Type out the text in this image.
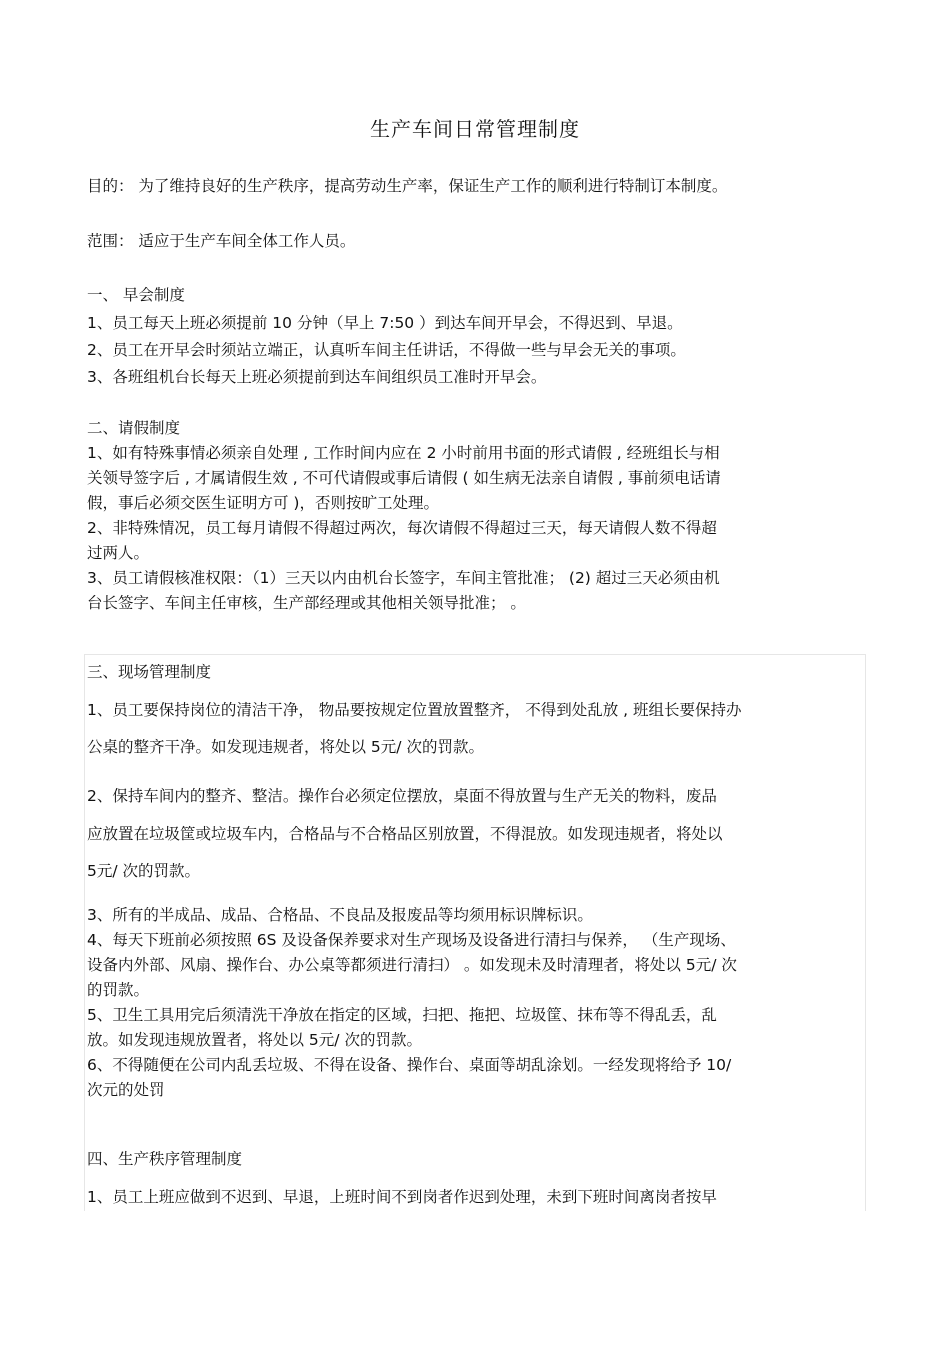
生产车间日常管理制度
目的： 为了维持良好的生产秩序，提高劳动生产率，保证生产工作的顺利进行特制订本制度。
范围： 适应于生产车间全体工作人员。
一、 早会制度
1、员工每天上班必须提前 10 分钟（早上 7:50 ）到达车间开早会，不得迟到、早退。
2、员工在开早会时须站立端正，认真听车间主任讲话，不得做一些与早会无关的事项。
3、各班组机台长每天上班必须提前到达车间组织员工准时开早会。
二、请假制度
1、如有特殊事情必须亲自处理 , 工作时间内应在 2 小时前用书面的形式请假 , 经班组长与相
关领导签字后 , 才属请假生效 , 不可代请假或事后请假 ( 如生病无法亲自请假 , 事前须电话请
假，事后必须交医生证明方可 )，否则按旷工处理。
2、非特殊情况，员工每月请假不得超过两次，每次请假不得超过三天，每天请假人数不得超
过两人。
3、员工请假核准权限：（1）三天以内由机台长签字，车间主管批准； (2) 超过三天必须由机
台长签字、车间主任审核，生产部经理或其他相关领导批准； 。
三、现场管理制度
1、员工要保持岗位的清洁干净， 物品要按规定位置放置整齐， 不得到处乱放 , 班组长要保持办
公桌的整齐干净。如发现违规者，将处以 5元/ 次的罚款。
2、保持车间内的整齐、整洁。操作台必须定位摆放，桌面不得放置与生产无关的物料，废品
应放置在垃圾筐或垃圾车内，合格品与不合格品区别放置，不得混放。如发现违规者，将处以
5元/ 次的罚款。
3、所有的半成品、成品、合格品、不良品及报废品等均须用标识牌标识。
4、每天下班前必须按照 6S 及设备保养要求对生产现场及设备进行清扫与保养， （生产现场、
设备内外部、风扇、操作台、办公桌等都须进行清扫） 。如发现未及时清理者，将处以 5元/ 次
的罚款。
5、卫生工具用完后须清洗干净放在指定的区域，扫把、拖把、垃圾筐、抹布等不得乱丢，乱
放。如发现违规放置者，将处以 5元/ 次的罚款。
6、不得随便在公司内乱丢垃圾、不得在设备、操作台、桌面等胡乱涂划。一经发现将给予 10/
次元的处罚
四、生产秩序管理制度
1、员工上班应做到不迟到、早退，上班时间不到岗者作迟到处理，未到下班时间离岗者按早
